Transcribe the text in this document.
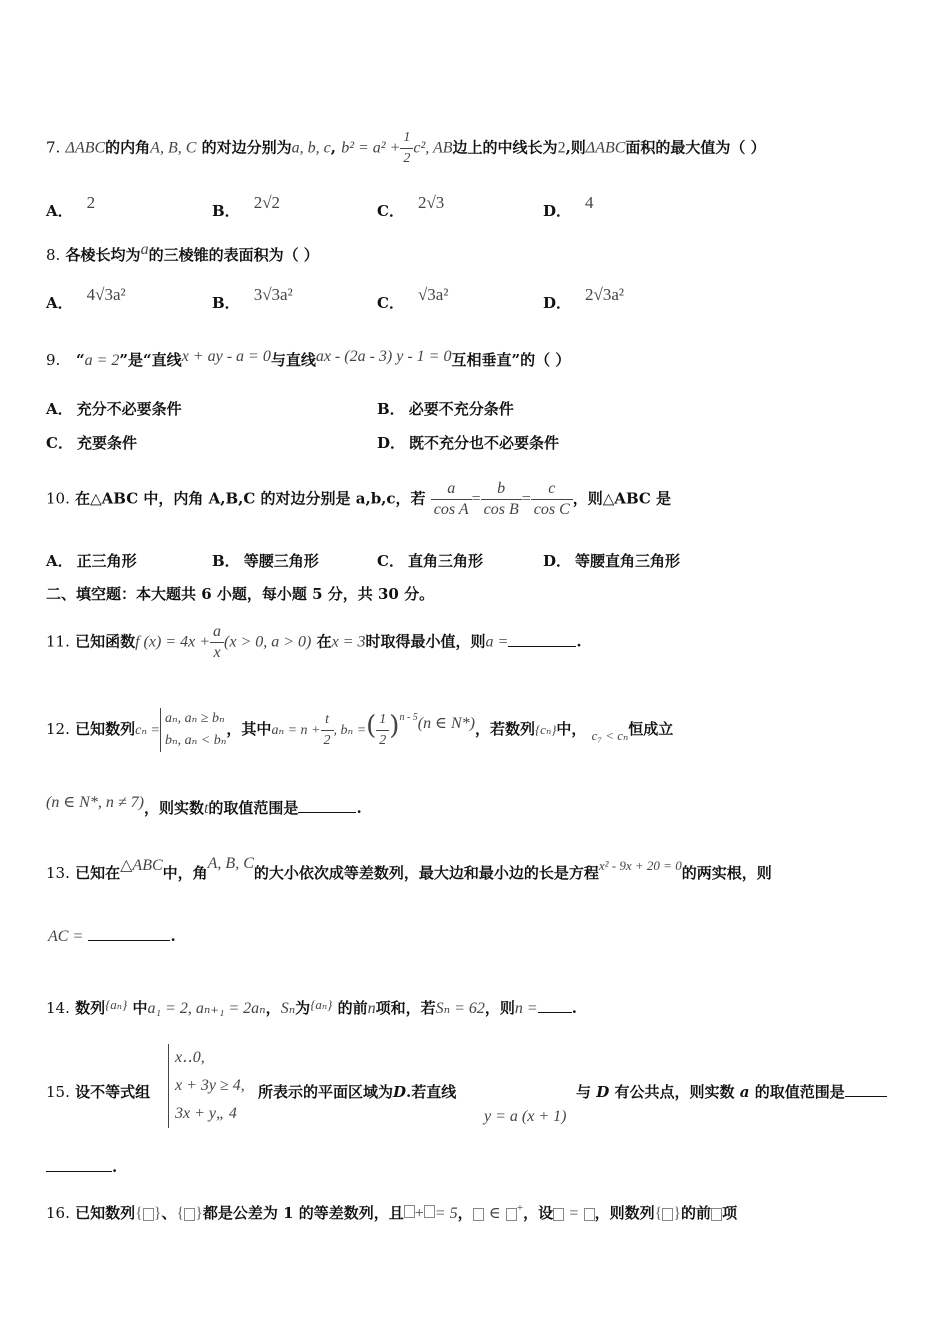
7. ΔABC的内角A, B, C 的对边分别为a, b, c, $b^2 = a^2 + \frac{1}{2} c^2$, AB边上的中线长为2,则ΔABC面积的最大值为（ ）
A． 2	B． 2√2	C． 2√3	D． 4
8. 各棱长均为a的三棱锥的表面积为（ ）
A． 4√3a²	B． 3√3a²	C． √3a²	D． 2√3a²
9. “a = 2”是“直线x + ay - a = 0与直线ax - (2a - 3) y - 1 = 0互相垂直”的（ ）
A． 充分不必要条件	B． 必要不充分条件
C． 充要条件	D． 既不充分也不必要条件
10. 在△ABC 中，内角 A,B,C 的对边分别是 a,b,c，若 $\frac{a}{\text{cos A}} = \frac{b}{\text{cos B}} = \frac{c}{\text{cos C}}$ ，则△ABC 是
A． 正三角形	B． 等腰三角形	C． 直角三角形	D． 等腰直角三角形
二、填空题：本大题共 6 小题，每小题 5 分，共 30 分。
11. 已知函数f $(x) = 4x + \frac{a}{x} (x > 0$, a > 0) 在x = 3时取得最小值，则a =	.
12. 已知数列cₙ =
aₙ, aₙ ≥ bₙ
bₙ, aₙ < bₙ
，其中$a_n = n + \frac{t}{2}$ , bₙ =( $\frac{1}{2} )^{n - 5}(n$ ∈ N*)，若数列{cₙ}中， c₇ < cₙ恒成立
(n ∈ N*, n ≠ 7)，则实数t的取值范围是	.
13. 已知在△ABC中，角A, B, C的大小依次成等差数列，最大边和最小边的长是方程x² - 9x + 20 = 0的两实根，则
AC =	.
14. 数列{aₙ} 中a₁ = 2, aₙ₊₁ = 2aₙ，Sₙ为{aₙ} 的前n项和，若Sₙ = 62，则n = .
x‥0,
x + 3y ≥ 4,
3x + y„ 4
15. 设不等式组	所表示的平面区域为D.若直线
y = a (x + 1)
与 D 有公共点，则实数 a 的取值范围是
.
16. 已知数列{ }、{ }都是公差为 1 的等差数列，且 + = 5， ∈ +，设 = ，则数列{ }的前 项
